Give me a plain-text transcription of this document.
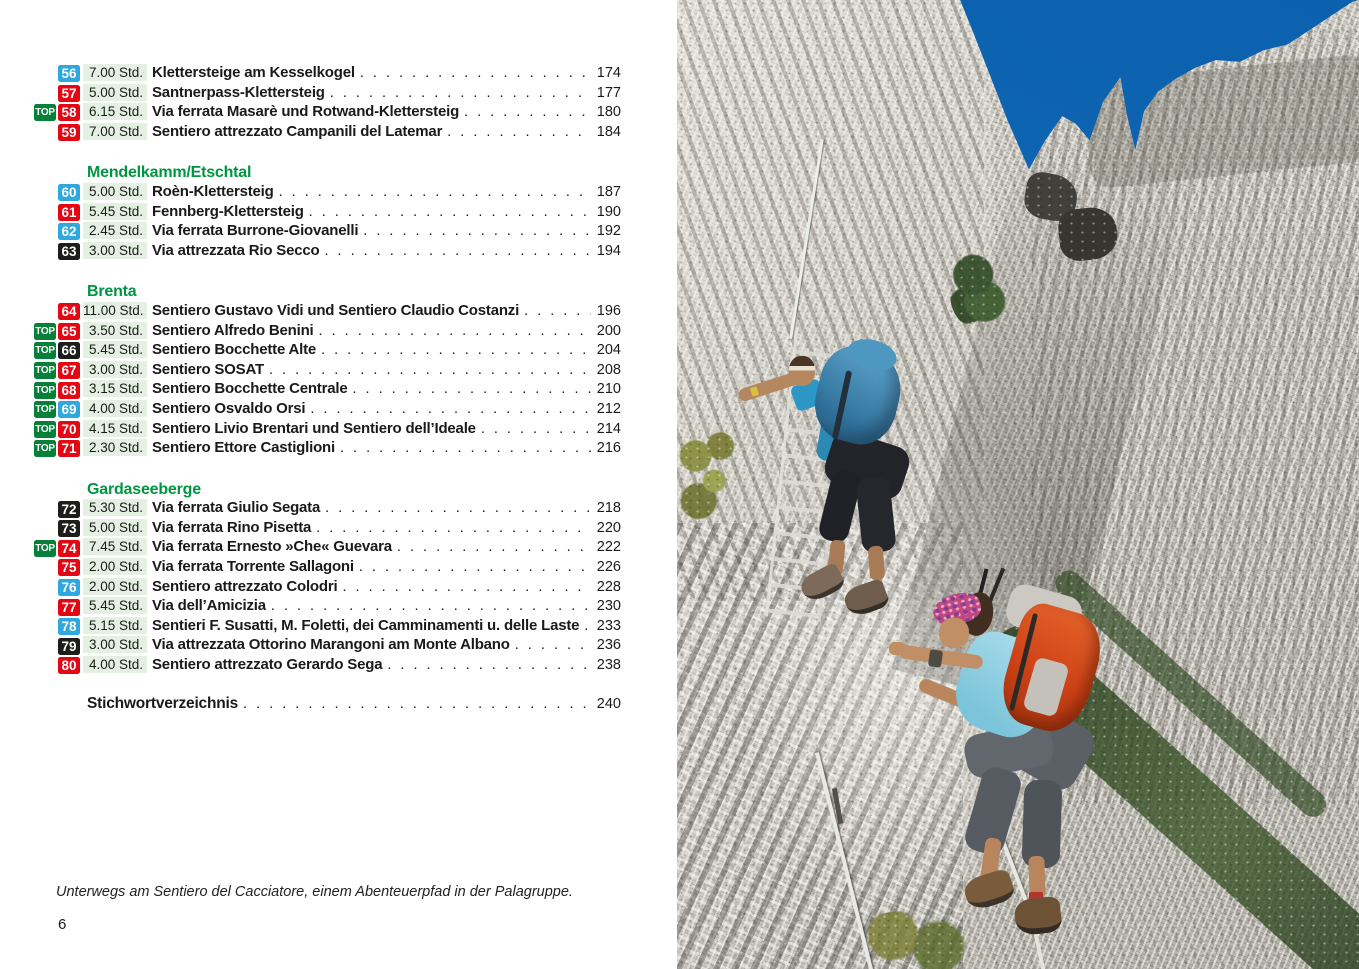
56 7.00 Std. Klettersteige am Kesselkogel . . .	174
57 5.00 Std. Santnerpass-Klettersteig . . .	177
TOP 58 6.15 Std. Via ferrata Masarè und Rotwand-Klettersteig . . .	180
59 7.00 Std. Sentiero attrezzato Campanili del Latemar . . .	184
Mendelkamm/Etschtal
60 5.00 Std. Roèn-Klettersteig . . .	187
61 5.45 Std. Fennberg-Klettersteig . . .	190
62 2.45 Std. Via ferrata Burrone-Giovanelli . . .	192
63 3.00 Std. Via attrezzata Rio Secco . . .	194
Brenta
64 11.00 Std. Sentiero Gustavo Vidi und Sentiero Claudio Costanzi . . .	196
TOP 65 3.50 Std. Sentiero Alfredo Benini . . .	200
TOP 66 5.45 Std. Sentiero Bocchette Alte . . .	204
TOP 67 3.00 Std. Sentiero SOSAT . . .	208
TOP 68 3.15 Std. Sentiero Bocchette Centrale . . .	210
TOP 69 4.00 Std. Sentiero Osvaldo Orsi . . .	212
TOP 70 4.15 Std. Sentiero Livio Brentari und Sentiero dell’Ideale . . .	214
TOP 71 2.30 Std. Sentiero Ettore Castiglioni . . .	216
Gardaseeberge
72 5.30 Std. Via ferrata Giulio Segata . . .	218
73 5.00 Std. Via ferrata Rino Pisetta . . .	220
TOP 74 7.45 Std. Via ferrata Ernesto »Che« Guevara . . .	222
75 2.00 Std. Via ferrata Torrente Sallagoni . . .	226
76 2.00 Std. Sentiero attrezzato Colodri . . .	228
77 5.45 Std. Via dell’Amicizia . . .	230
78 5.15 Std. Sentieri F. Susatti, M. Foletti, dei Camminamenti u. delle Laste . . .	233
79 3.00 Std. Via attrezzata Ottorino Marangoni am Monte Albano . . .	236
80 4.00 Std. Sentiero attrezzato Gerardo Sega . . .	238
Stichwortverzeichnis . . .	240
Unterwegs am Sentiero del Cacciatore, einem Abenteuerpfad in der Palagruppe.
6
